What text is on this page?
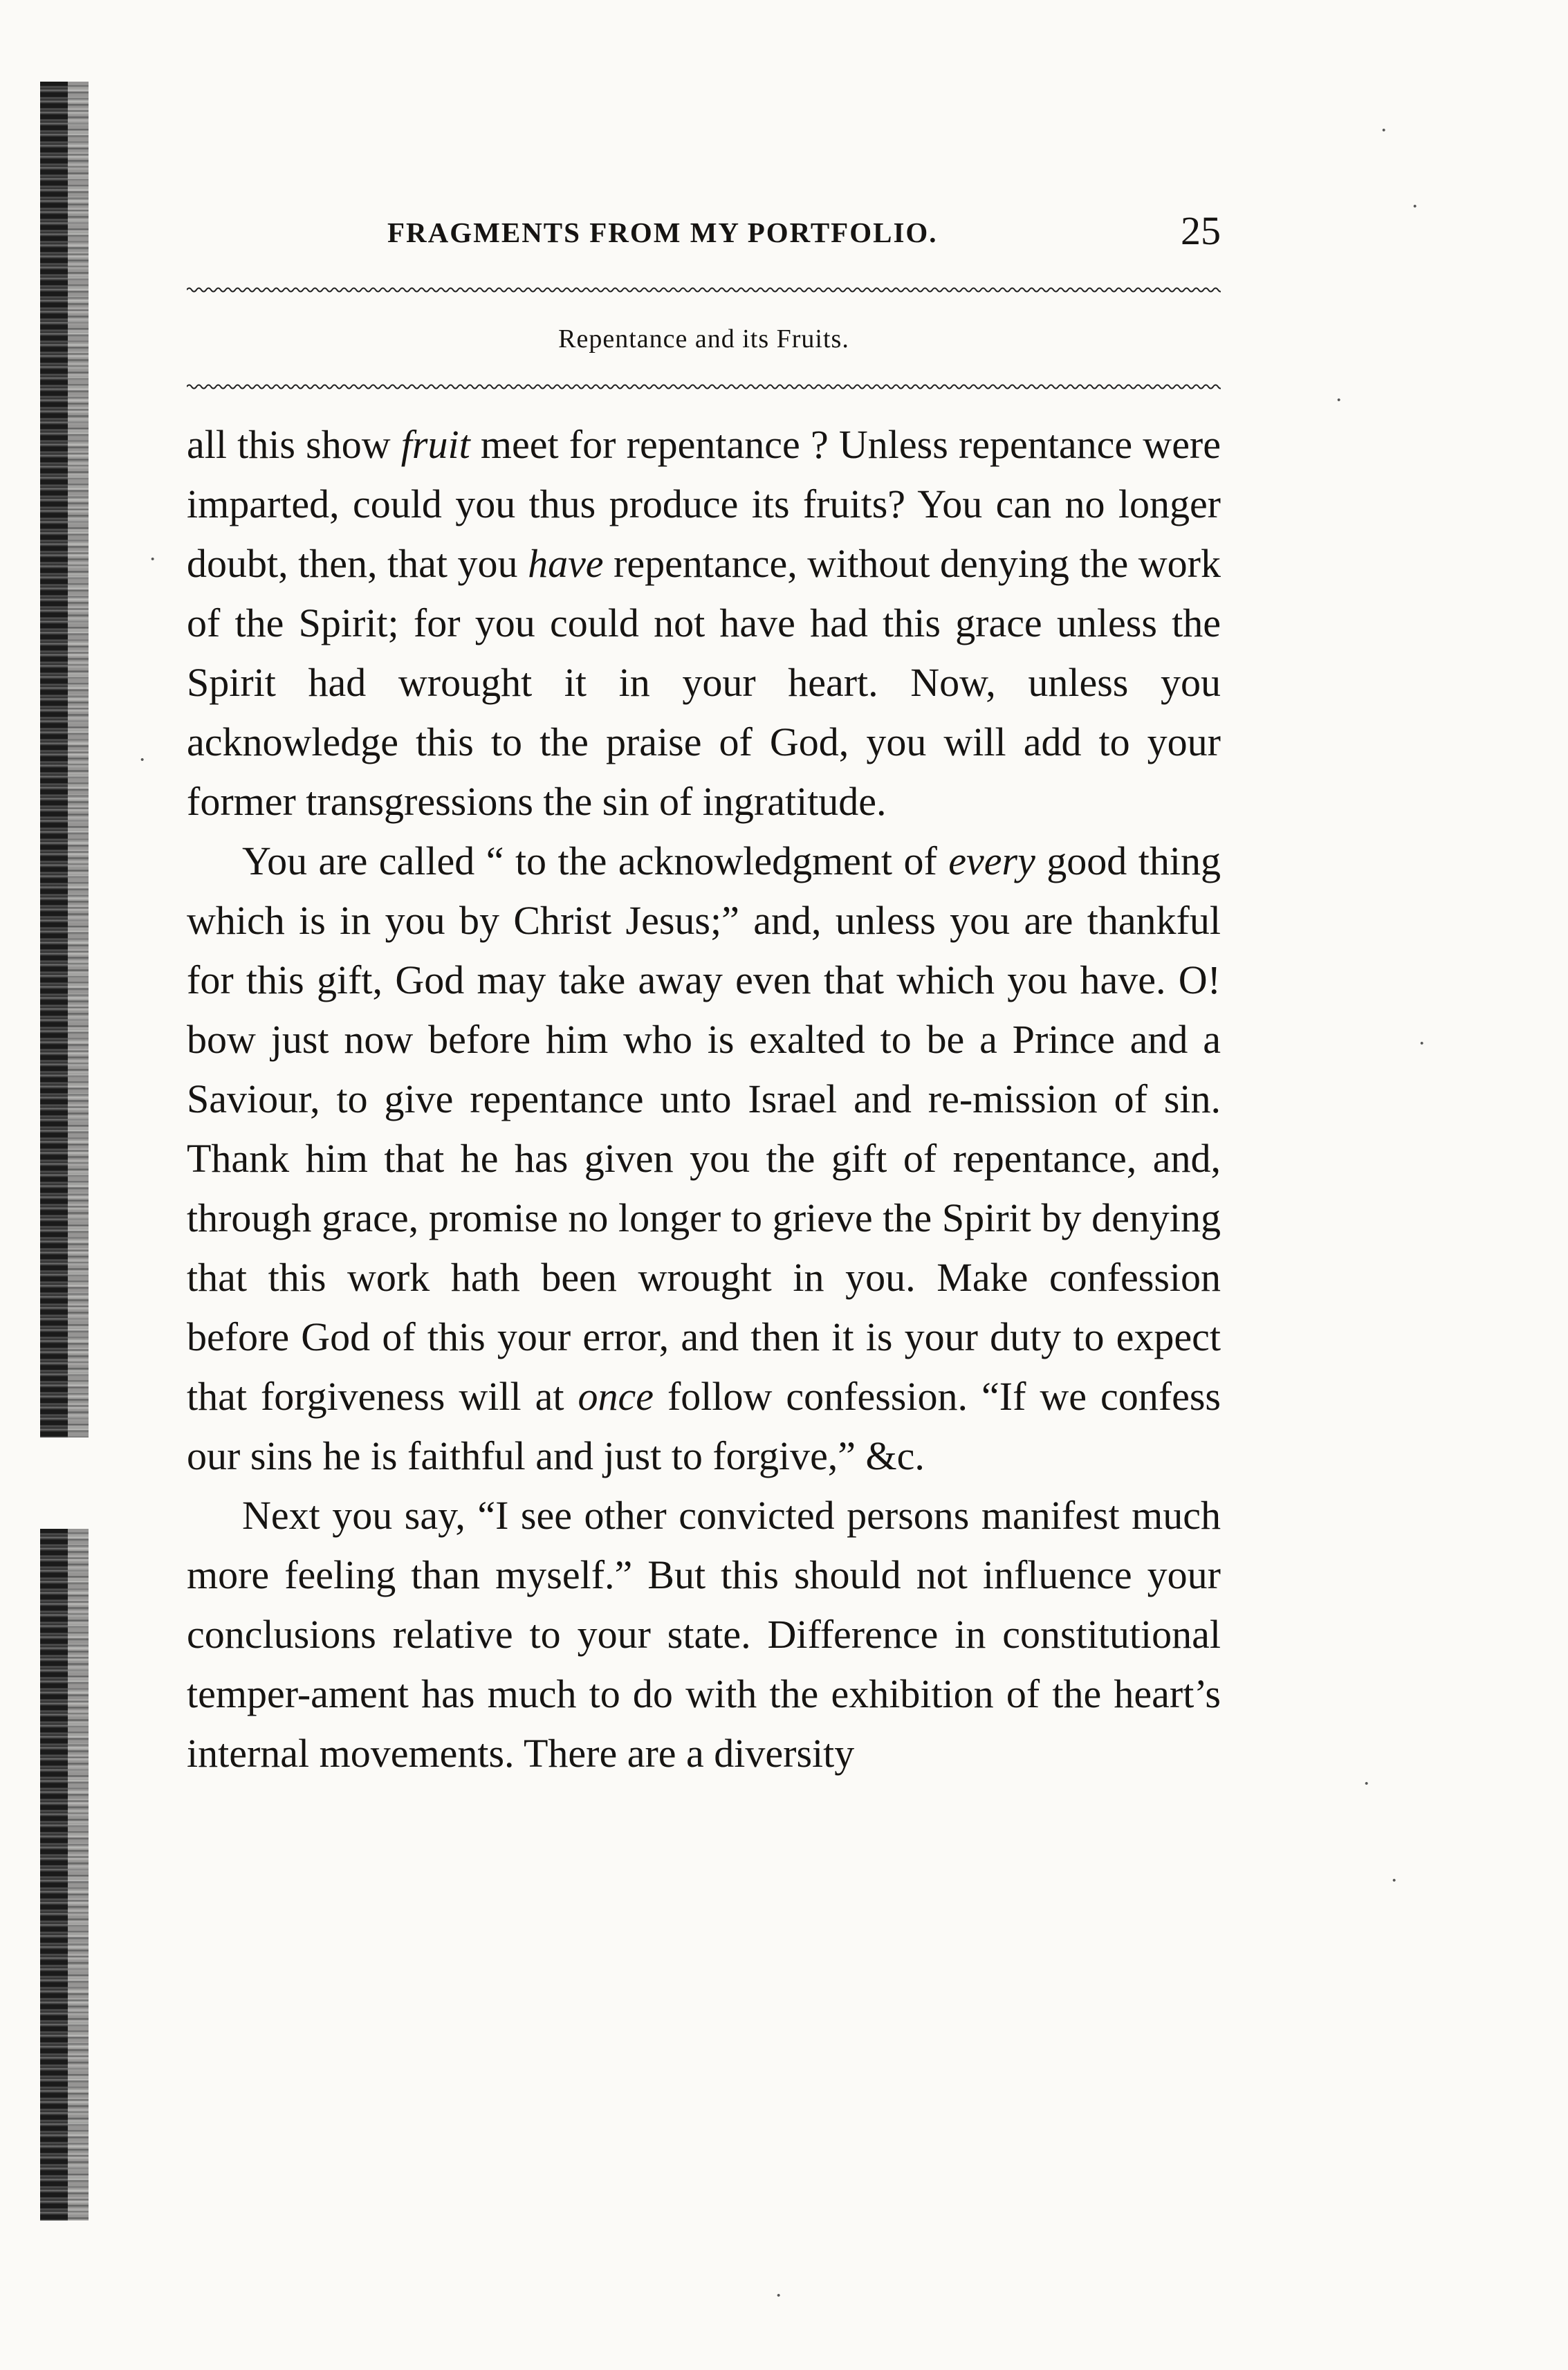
FRAGMENTS FROM MY PORTFOLIO.	25
Repentance and its Fruits.

all this show fruit meet for repentance ? Unless repentance were imparted, could you thus produce its fruits? You can no longer doubt, then, that you have repentance, without denying the work of the Spirit; for you could not have had this grace unless the Spirit had wrought it in your heart. Now, unless you acknowledge this to the praise of God, you will add to your former transgressions the sin of ingratitude.

You are called “ to the acknowledgment of every good thing which is in you by Christ Jesus;” and, unless you are thankful for this gift, God may take away even that which you have. O! bow just now before him who is exalted to be a Prince and a Saviour, to give repentance unto Israel and re-mission of sin. Thank him that he has given you the gift of repentance, and, through grace, promise no longer to grieve the Spirit by denying that this work hath been wrought in you. Make confession before God of this your error, and then it is your duty to expect that forgiveness will at once follow confession. “If we confess our sins he is faithful and just to forgive,” &c.

Next you say, “I see other convicted persons manifest much more feeling than myself.” But this should not influence your conclusions relative to your state. Difference in constitutional temper-ament has much to do with the exhibition of the heart’s internal movements. There are a diversity

·
·
·
·
·
·
·
·
·
